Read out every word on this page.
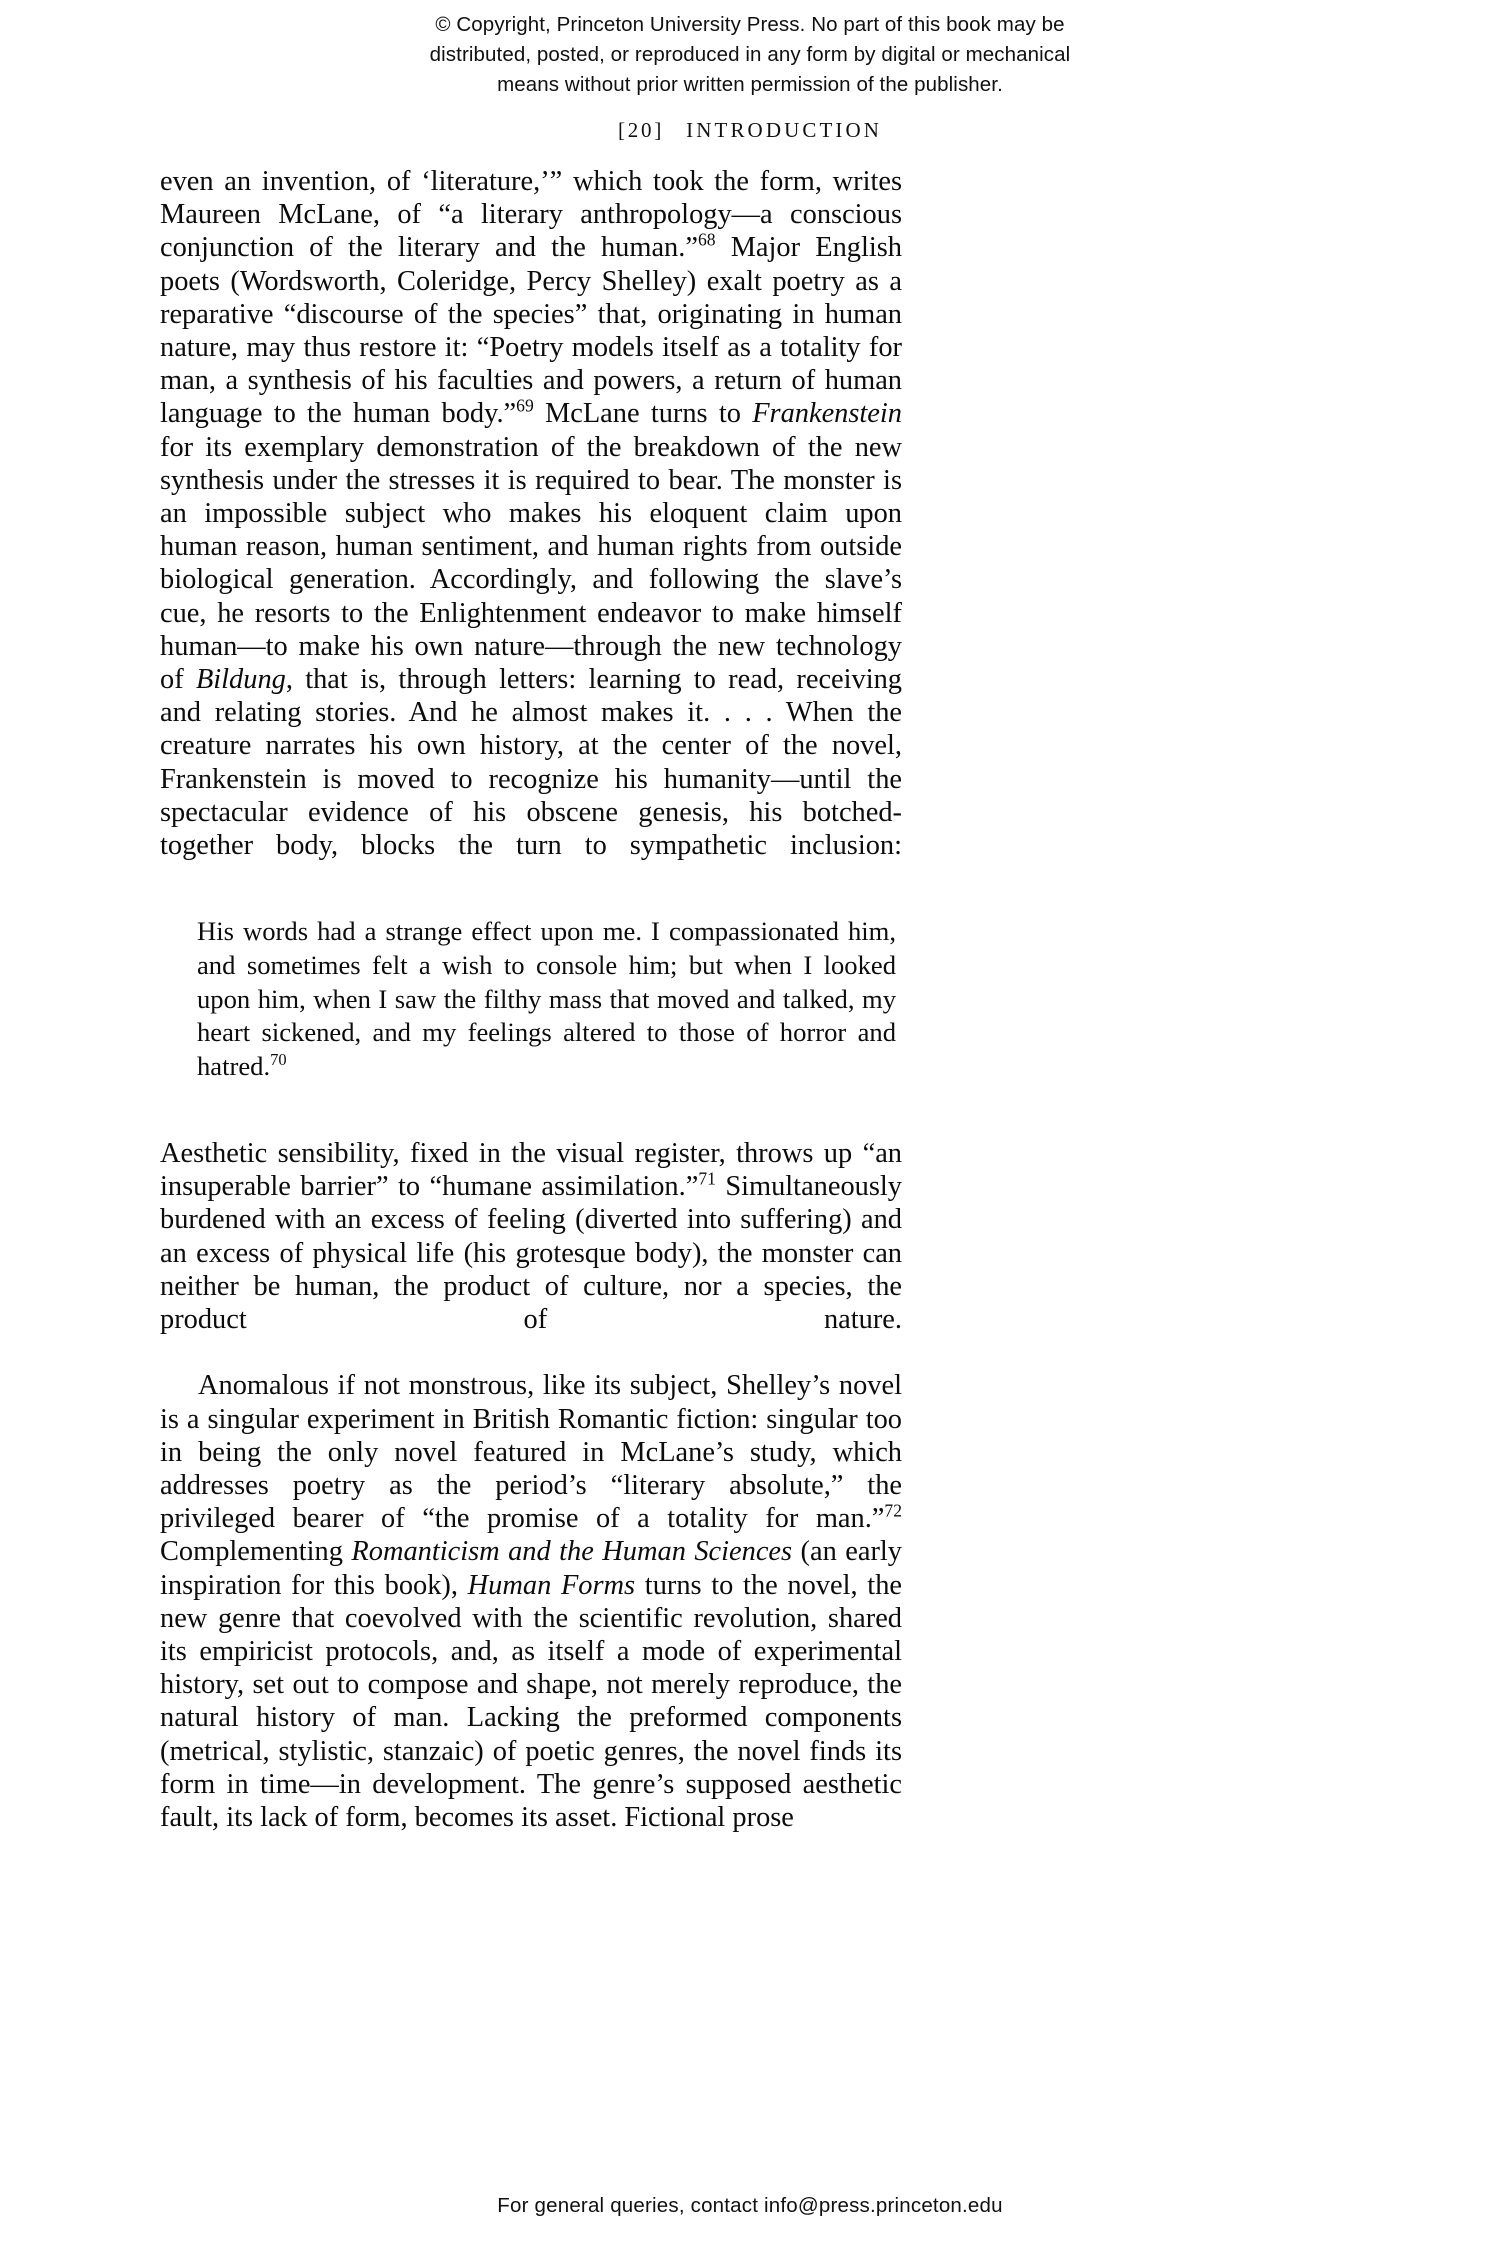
© Copyright, Princeton University Press. No part of this book may be
distributed, posted, or reproduced in any form by digital or mechanical
means without prior written permission of the publisher.
[20] INTRODUCTION

even an invention, of ‘literature,’” which took the form, writes Maureen McLane, of “a literary anthropology—a conscious conjunction of the literary and the human.”$^{68}$ Major English poets (Wordsworth, Coleridge, Percy Shelley) exalt poetry as a reparative “discourse of the species” that, originating in human nature, may thus restore it: “Poetry models itself as a totality for man, a synthesis of his faculties and powers, a return of human language to the human body.”$^{69}$ McLane turns to Frankenstein for its exemplary demonstration of the breakdown of the new synthesis under the stresses it is required to bear. The monster is an impossible subject who makes his eloquent claim upon human reason, human sentiment, and human rights from outside biological generation. Accordingly, and following the slave’s cue, he resorts to the Enlightenment endeavor to make himself human—to make his own nature—through the new technology of Bildung, that is, through letters: learning to read, receiving and relating stories. And he almost makes it. . . . When the creature narrates his own history, at the center of the novel, Frankenstein is moved to recognize his humanity—until the spectacular evidence of his obscene genesis, his botched-together body, blocks the turn to sympathetic inclusion:

His words had a strange effect upon me. I compassionated him, and sometimes felt a wish to console him; but when I looked upon him, when I saw the filthy mass that moved and talked, my heart sickened, and my feelings altered to those of horror and hatred.$^{70}$

Aesthetic sensibility, fixed in the visual register, throws up “an insuperable barrier” to “humane assimilation.”$^{71}$ Simultaneously burdened with an excess of feeling (diverted into suffering) and an excess of physical life (his grotesque body), the monster can neither be human, the product of culture, nor a species, the product of nature.

Anomalous if not monstrous, like its subject, Shelley’s novel is a singular experiment in British Romantic fiction: singular too in being the only novel featured in McLane’s study, which addresses poetry as the period’s “literary absolute,” the privileged bearer of “the promise of a totality for man.”$^{72}$ Complementing Romanticism and the Human Sciences (an early inspiration for this book), Human Forms turns to the novel, the new genre that coevolved with the scientific revolution, shared its empiricist protocols, and, as itself a mode of experimental history, set out to compose and shape, not merely reproduce, the natural history of man. Lacking the preformed components (metrical, stylistic, stanzaic) of poetic genres, the novel finds its form in time—in development. The genre’s supposed aesthetic fault, its lack of form, becomes its asset. Fictional prose

For general queries, contact info@press.princeton.edu
